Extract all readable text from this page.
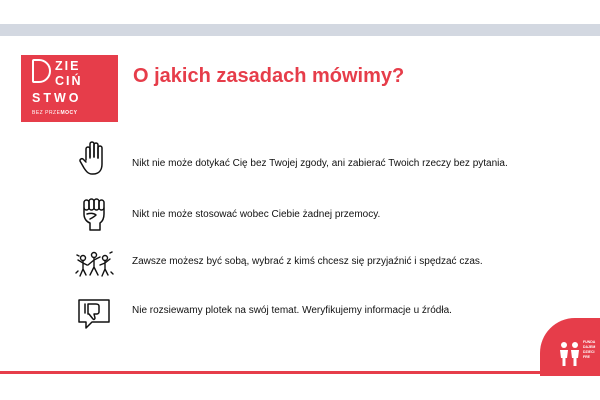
ZIE
CIŃ
STWO
BEZ PRZEMOCY
O jakich zasadach mówimy?
Nikt nie może dotykać Cię bez Twojej zgody, ani zabierać Twoich rzeczy bez pytania.
Nikt nie może stosować wobec Ciebie żadnej przemocy.
Zawsze możesz być sobą, wybrać z kimś chcesz się przyjaźnić i spędzać czas.
Nie rozsiewamy plotek na swój temat. Weryfikujemy informacje u źródła.
FUNDA
DAJEM
DZIECI
FRE
